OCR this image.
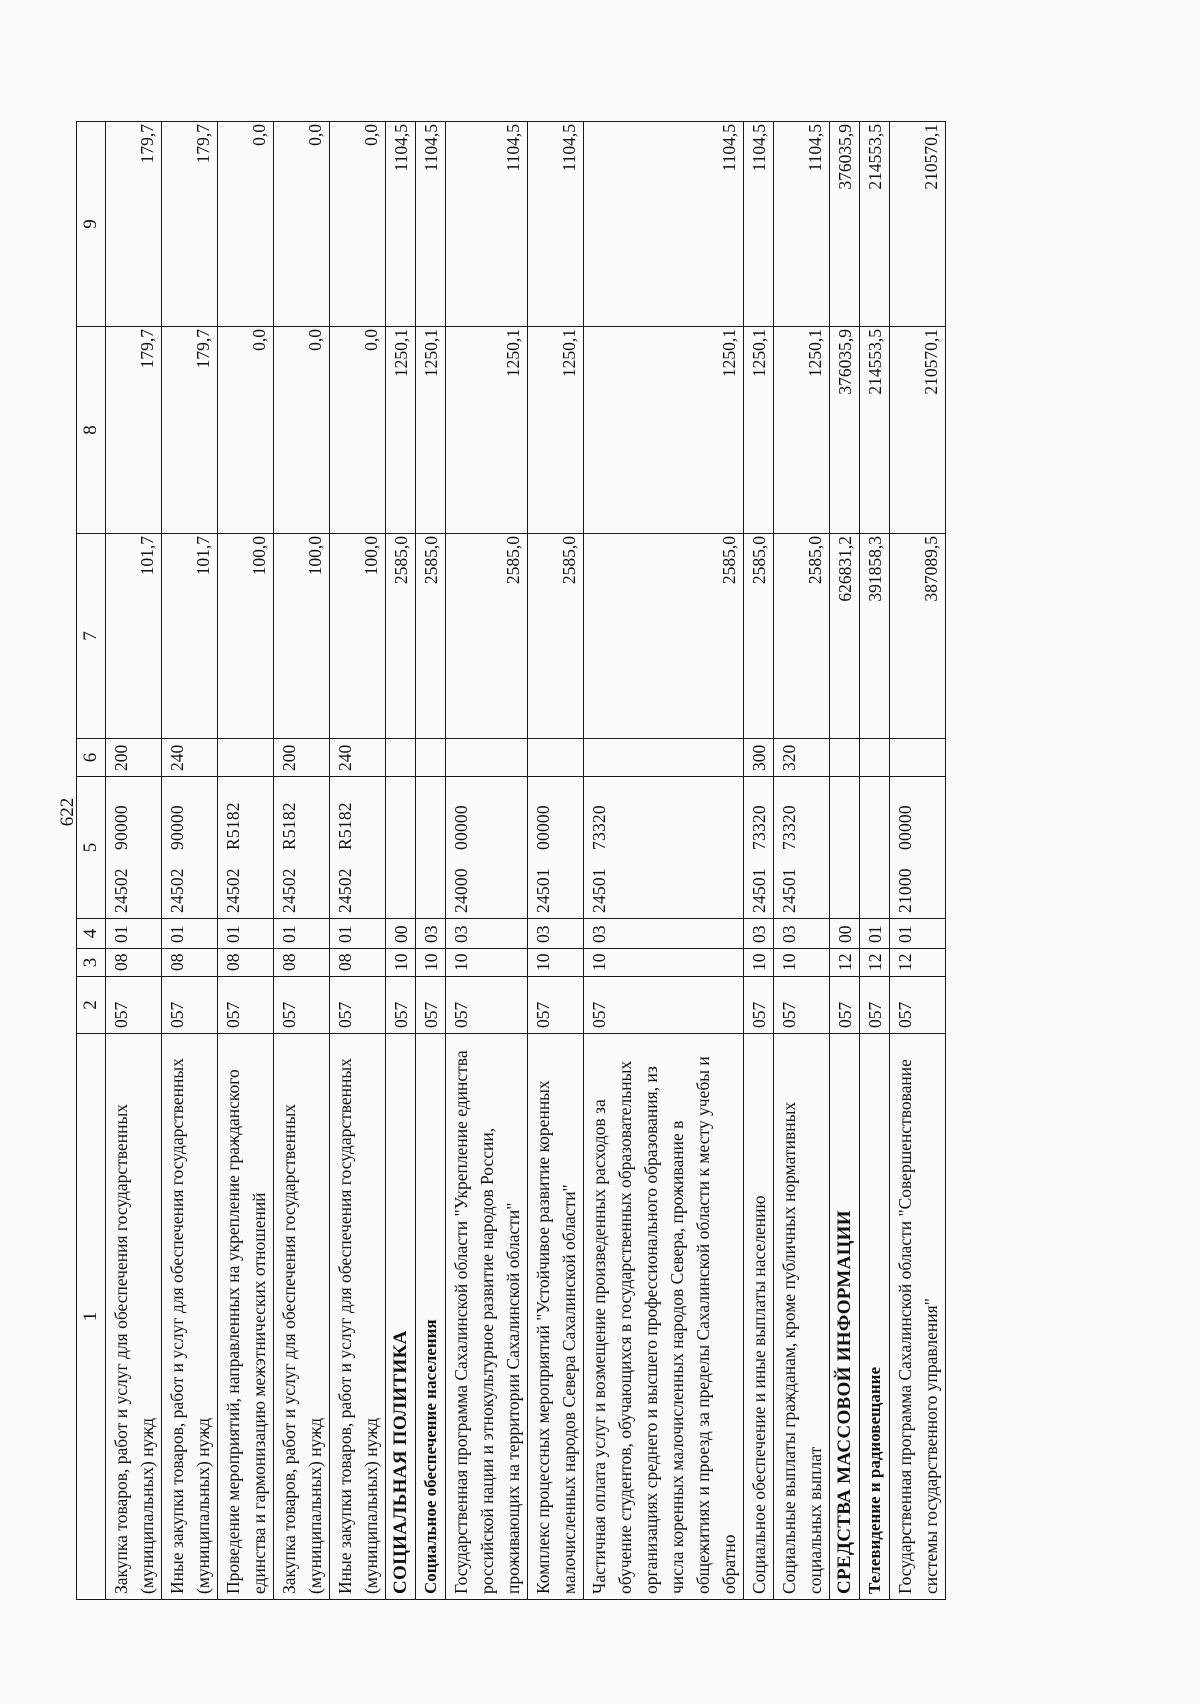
622
1	2	3	4	5	6	7	8	9
Закупка товаров, работ и услуг для обеспечения государственных (муниципальных) нужд	057	08	01	24502    90000	200	101,7	179,7	179,7
Иные закупки товаров, работ и услуг для обеспечения государственных (муниципальных) нужд	057	08	01	24502    90000	240	101,7	179,7	179,7
Проведение мероприятий, направленных на укрепление гражданского единства и гармонизацию межэтнических отношений	057	08	01	24502    R5182		100,0	0,0	0,0
Закупка товаров, работ и услуг для обеспечения государственных (муниципальных) нужд	057	08	01	24502    R5182	200	100,0	0,0	0,0
Иные закупки товаров, работ и услуг для обеспечения государственных (муниципальных) нужд	057	08	01	24502    R5182	240	100,0	0,0	0,0
СОЦИАЛЬНАЯ ПОЛИТИКА	057	10	00			2585,0	1250,1	1104,5
Социальное обеспечение населения	057	10	03			2585,0	1250,1	1104,5
Государственная программа Сахалинской области "Укрепление единства российской нации и этнокультурное развитие народов России, проживающих на территории Сахалинской области"	057	10	03	24000    00000		2585,0	1250,1	1104,5
Комплекс процессных мероприятий "Устойчивое развитие коренных малочисленных народов Севера Сахалинской области"	057	10	03	24501    00000		2585,0	1250,1	1104,5
Частичная оплата услуг и возмещение произведенных расходов за обучение студентов, обучающихся в государственных образовательных организациях среднего и высшего профессионального образования, из числа коренных малочисленных народов Севера, проживание в общежитиях и проезд за пределы Сахалинской области к месту учебы и обратно	057	10	03	24501    73320		2585,0	1250,1	1104,5
Социальное обеспечение и иные выплаты населению	057	10	03	24501    73320	300	2585,0	1250,1	1104,5
Социальные выплаты гражданам, кроме публичных нормативных социальных выплат	057	10	03	24501    73320	320	2585,0	1250,1	1104,5
СРЕДСТВА МАССОВОЙ ИНФОРМАЦИИ	057	12	00			626831,2	376035,9	376035,9
Телевидение и радиовещание	057	12	01			391858,3	214553,5	214553,5
Государственная программа Сахалинской области "Совершенствование системы государственного управления"	057	12	01	21000    00000		387089,5	210570,1	210570,1
